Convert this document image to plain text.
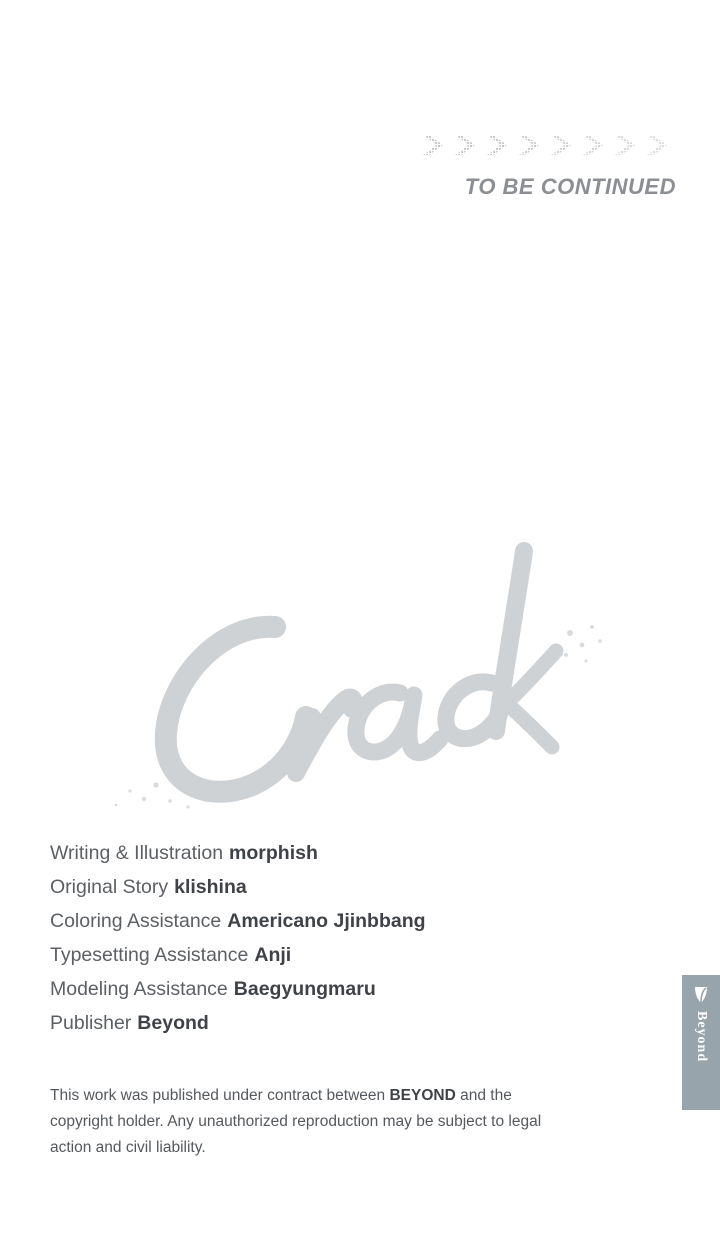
TO BE CONTINUED
Writing & Illustration morphish
Original Story klishina
Coloring Assistance Americano Jjinbbang
Typesetting Assistance Anji
Modeling Assistance Baegyungmaru
Publisher Beyond
This work was published under contract between BEYOND and the copyright holder. Any unauthorized reproduction may be subject to legal action and civil liability.
Beyond
